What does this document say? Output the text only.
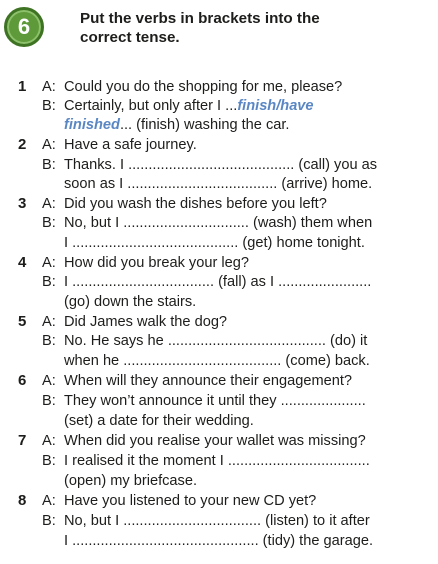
6	Put the verbs in brackets into the
correct tense.
1 A: Could you do the shopping for me, please?
B: Certainly, but only after I ...finish/have
finished... (finish) washing the car.
2 A: Have a safe journey.
B: Thanks. I ......................................... (call) you as
soon as I ..................................... (arrive) home.
3 A: Did you wash the dishes before you left?
B: No, but I ............................... (wash) them when
I ......................................... (get) home tonight.
4 A: How did you break your leg?
B: I ................................... (fall) as I .......................
(go) down the stairs.
5 A: Did James walk the dog?
B: No. He says he ....................................... (do) it
when he ....................................... (come) back.
6 A: When will they announce their engagement?
B: They won’t announce it until they .....................
(set) a date for their wedding.
7 A: When did you realise your wallet was missing?
B: I realised it the moment I ...................................
(open) my briefcase.
8 A: Have you listened to your new CD yet?
B: No, but I .................................. (listen) to it after
I .............................................. (tidy) the garage.
